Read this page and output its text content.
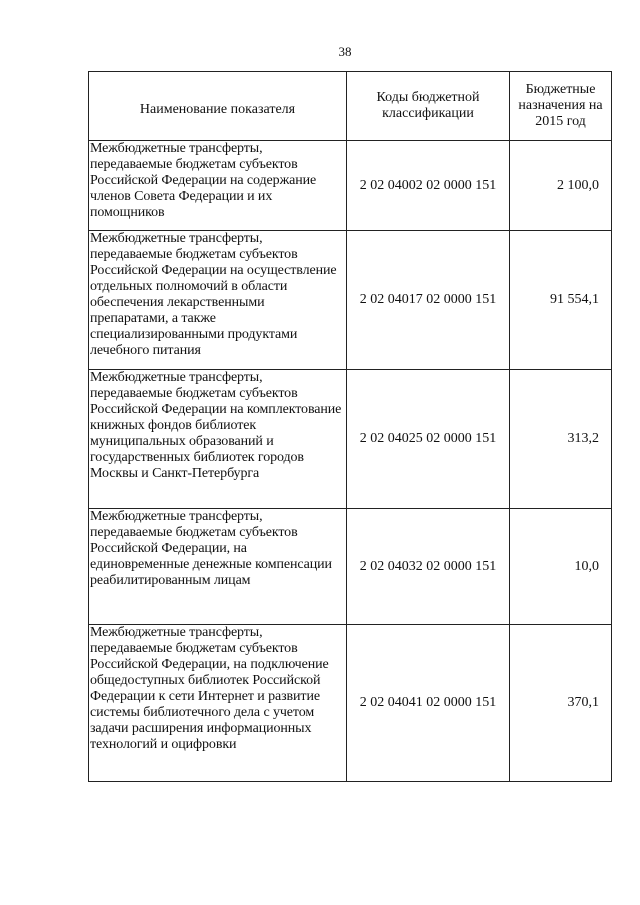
38
Наименование показателя	Коды бюджетной классификации	Бюджетные назначения на 2015 год
Межбюджетные трансферты, передаваемые бюджетам субъектов Российской Федерации на содержание членов Совета Федерации и их помощников	2 02 04002 02 0000 151	2 100,0
Межбюджетные трансферты, передаваемые бюджетам субъектов Российской Федерации на осуществление отдельных полномочий в области обеспечения лекарственными препаратами, а также специализированными продуктами лечебного питания	2 02 04017 02 0000 151	91 554,1
Межбюджетные трансферты, передаваемые бюджетам субъектов Российской Федерации на комплектование книжных фондов библиотек муниципальных образований и государственных библиотек городов Москвы и Санкт-Петербурга	2 02 04025 02 0000 151	313,2
Межбюджетные трансферты, передаваемые бюджетам субъектов Российской Федерации, на единовременные денежные компенсации реабилитированным лицам	2 02 04032 02 0000 151	10,0
Межбюджетные трансферты, передаваемые бюджетам субъектов Российской Федерации, на подключение общедоступных библиотек Российской Федерации к сети Интернет и развитие системы библиотечного дела с учетом задачи расширения информационных технологий и оцифровки	2 02 04041 02 0000 151	370,1
